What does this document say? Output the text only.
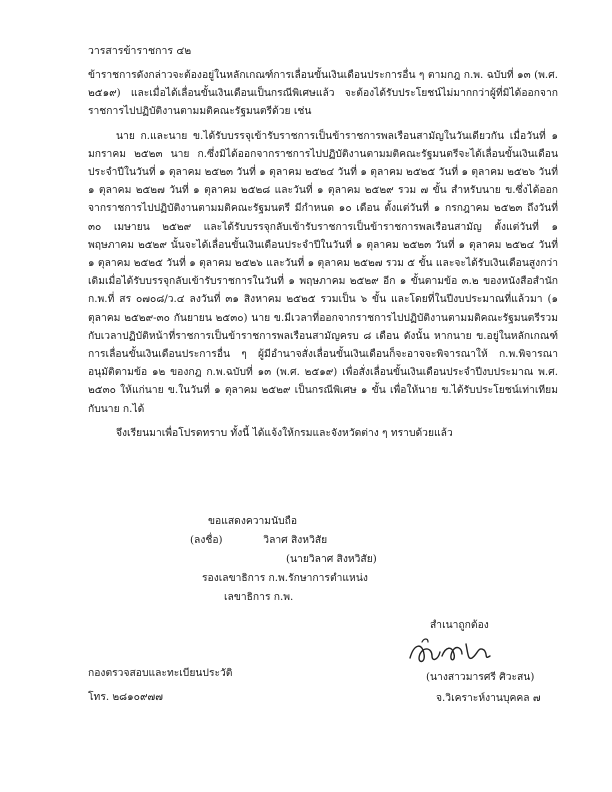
วารสารข้าราชการ ๔๒

ข้าราชการดังกล่าวจะต้องอยู่ในหลักเกณฑ์การเลื่อนขั้นเงินเดือนประการอื่น ๆ ตามกฎ ก.พ. ฉบับที่ ๑๓ (พ.ศ. ๒๕๑๙) และเมื่อได้เลื่อนขั้นเงินเดือนเป็นกรณีพิเศษแล้ว จะต้องได้รับประโยชน์ไม่มากกว่าผู้ที่มิได้ออกจากราชการไปปฏิบัติงานตามมติคณะรัฐมนตรีด้วย เช่น

นาย ก.และนาย ข.ได้รับบรรจุเข้ารับราชการเป็นข้าราชการพลเรือนสามัญในวันเดียวกัน เมื่อวันที่ ๑ มกราคม ๒๕๒๓ นาย ก.ซึ่งมิได้ออกจากราชการไปปฏิบัติงานตามมติคณะรัฐมนตรีจะได้เลื่อนขั้นเงินเดือนประจำปีในวันที่ ๑ ตุลาคม ๒๕๒๓ วันที่ ๑ ตุลาคม ๒๕๒๔ วันที่ ๑ ตุลาคม ๒๕๒๕ วันที่ ๑ ตุลาคม ๒๕๒๖ วันที่ ๑ ตุลาคม ๒๕๒๗ วันที่ ๑ ตุลาคม ๒๕๒๘ และวันที่ ๑ ตุลาคม ๒๕๒๙ รวม ๗ ขั้น สำหรับนาย ข.ซึ่งได้ออกจากราชการไปปฏิบัติงานตามมติคณะรัฐมนตรี มีกำหนด ๑๐ เดือน ตั้งแต่วันที่ ๑ กรกฎาคม ๒๕๒๓ ถึงวันที่ ๓๐ เมษายน ๒๕๒๙ และได้รับบรรจุกลับเข้ารับราชการเป็นข้าราชการพลเรือนสามัญ ตั้งแต่วันที่ ๑ พฤษภาคม ๒๕๒๙ นั้นจะได้เลื่อนขั้นเงินเดือนประจำปีในวันที่ ๑ ตุลาคม ๒๕๒๓ วันที่ ๑ ตุลาคม ๒๕๒๔ วันที่ ๑ ตุลาคม ๒๕๒๕ วันที่ ๑ ตุลาคม ๒๕๒๖ และวันที่ ๑ ตุลาคม ๒๕๒๗ รวม ๕ ขั้น และจะได้รับเงินเดือนสูงกว่าเดิมเมื่อได้รับบรรจุกลับเข้ารับราชการในวันที่ ๑ พฤษภาคม ๒๕๒๙ อีก ๑ ขั้นตามข้อ ๓.๒ ของหนังสือสำนัก ก.พ.ที่ สร ๐๗๐๘/ว.๔ ลงวันที่ ๓๑ สิงหาคม ๒๕๒๕ รวมเป็น ๖ ขั้น และโดยที่ในปีงบประมาณที่แล้วมา (๑ ตุลาคม ๒๕๒๙-๓๐ กันยายน ๒๕๓๐) นาย ข.มีเวลาที่ออกจากราชการไปปฏิบัติงานตามมติคณะรัฐมนตรีรวมกับเวลาปฏิบัติหน้าที่ราชการเป็นข้าราชการพลเรือนสามัญครบ ๘ เดือน ดังนั้น หากนาย ข.อยู่ในหลักเกณฑ์การเลื่อนขั้นเงินเดือนประการอื่น ๆ ผู้มีอำนาจสั่งเลื่อนขั้นเงินเดือนก็จะอาจจะพิจารณาให้ ก.พ.พิจารณาอนุมัติตามข้อ ๑๒ ของกฎ ก.พ.ฉบับที่ ๑๓ (พ.ศ. ๒๕๑๙) เพื่อสั่งเลื่อนขั้นเงินเดือนประจำปีงบประมาณ พ.ศ. ๒๕๓๐ ให้แก่นาย ข.ในวันที่ ๑ ตุลาคม ๒๕๒๙ เป็นกรณีพิเศษ ๑ ขั้น เพื่อให้นาย ข.ได้รับประโยชน์เท่าเทียมกับนาย ก.ได้

จึงเรียนมาเพื่อโปรดทราบ ทั้งนี้ ได้แจ้งให้กรมและจังหวัดต่าง ๆ ทราบด้วยแล้ว

ขอแสดงความนับถือ
(ลงชื่อ)	วิลาศ สิงหวิสัย
(นายวิลาศ สิงหวิสัย)
รองเลขาธิการ ก.พ.รักษาการตำแหน่ง
เลขาธิการ ก.พ.
สำเนาถูกต้อง
(นางสาวมารศรี ศิวะสน)
จ.วิเคราะห์งานบุคคล ๗
กองตรวจสอบและทะเบียนประวัติ
โทร. ๒๘๑๐๙๗๗
